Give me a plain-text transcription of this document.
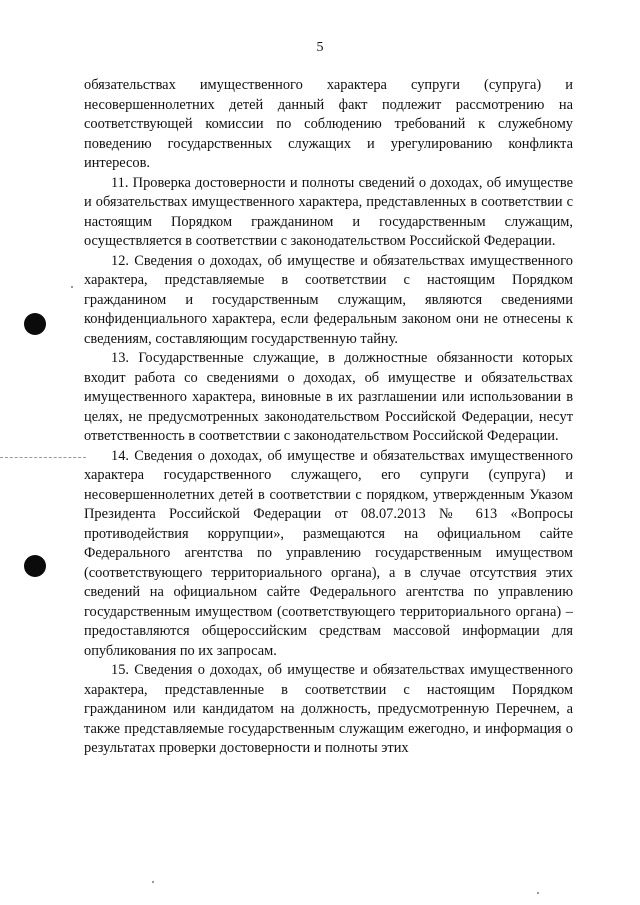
5

обязательствах имущественного характера супруги (супруга) и несовершеннолетних детей данный факт подлежит рассмотрению на соответствующей комиссии по соблюдению требований к служебному поведению государственных служащих и урегулированию конфликта интересов.

11. Проверка достоверности и полноты сведений о доходах, об имуществе и обязательствах имущественного характера, представленных в соответствии с настоящим Порядком гражданином и государственным служащим, осуществляется в соответствии с законодательством Российской Федерации.

12. Сведения о доходах, об имуществе и обязательствах имущественного характера, представляемые в соответствии с настоящим Порядком гражданином и государственным служащим, являются сведениями конфиденциального характера, если федеральным законом они не отнесены к сведениям, составляющим государственную тайну.

13. Государственные служащие, в должностные обязанности которых входит работа со сведениями о доходах, об имуществе и обязательствах имущественного характера, виновные в их разглашении или использовании в целях, не предусмотренных законодательством Российской Федерации, несут ответственность в соответствии с законодательством Российской Федерации.

14. Сведения о доходах, об имуществе и обязательствах имущественного характера государственного служащего, его супруги (супруга) и несовершеннолетних детей в соответствии с порядком, утвержденным Указом Президента Российской Федерации от 08.07.2013 № 613 «Вопросы противодействия коррупции», размещаются на официальном сайте Федерального агентства по управлению государственным имуществом (соответствующего территориального органа), а в случае отсутствия этих сведений на официальном сайте Федерального агентства по управлению государственным имуществом (соответствующего территориального органа) – предоставляются общероссийским средствам массовой информации для опубликования по их запросам.

15. Сведения о доходах, об имуществе и обязательствах имущественного характера, представленные в соответствии с настоящим Порядком гражданином или кандидатом на должность, предусмотренную Перечнем, а также представляемые государственным служащим ежегодно, и информация о результатах проверки достоверности и полноты этих
